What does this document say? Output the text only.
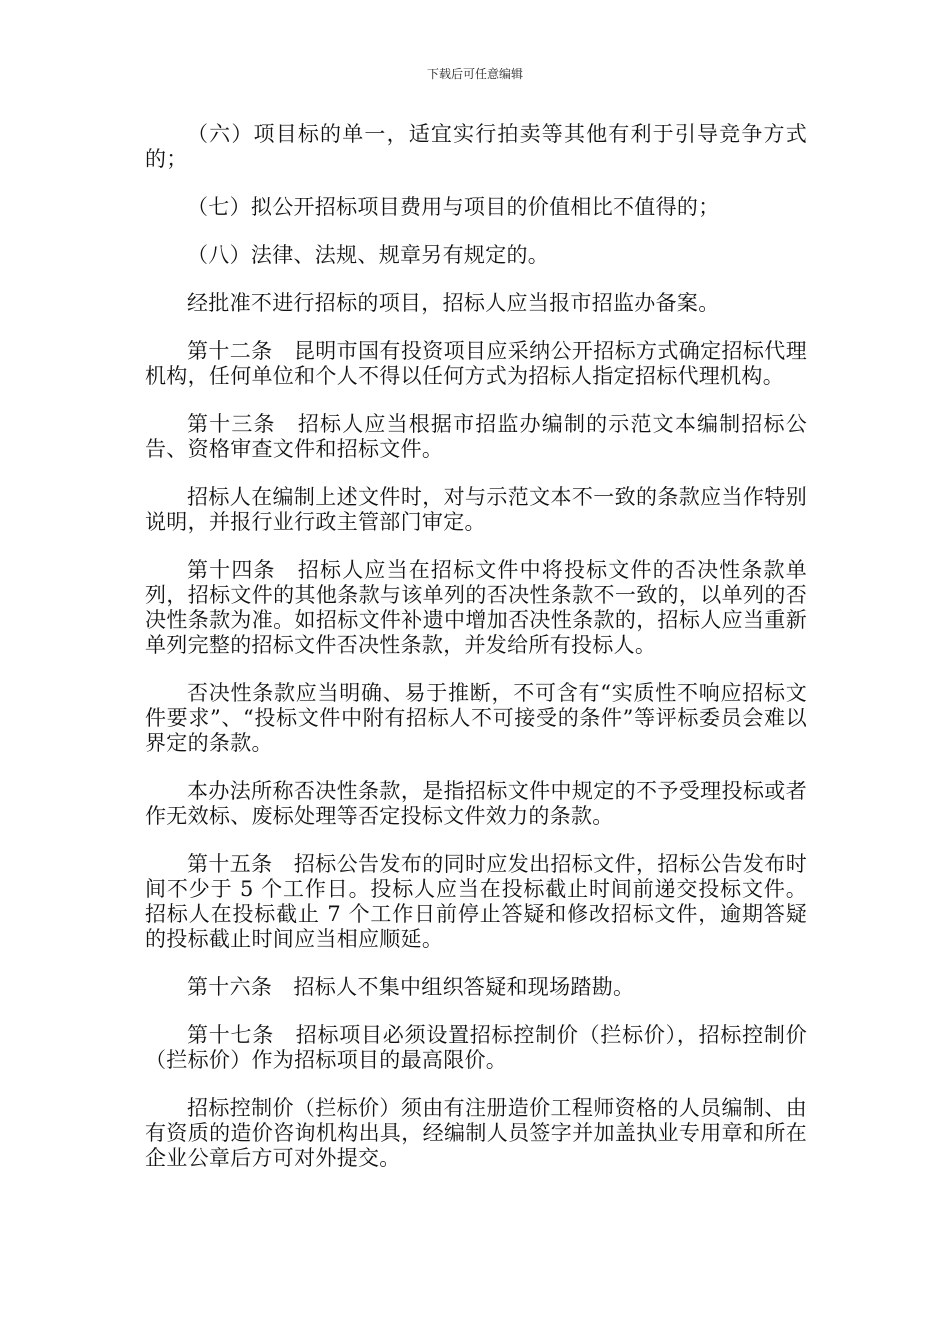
下载后可任意编辑

（六）项目标的单一，适宜实行拍卖等其他有利于引导竞争方式的；

（七）拟公开招标项目费用与项目的价值相比不值得的；

（八）法律、法规、规章另有规定的。

经批准不进行招标的项目，招标人应当报市招监办备案。

第十二条　昆明市国有投资项目应采纳公开招标方式确定招标代理机构，任何单位和个人不得以任何方式为招标人指定招标代理机构。

第十三条　招标人应当根据市招监办编制的示范文本编制招标公告、资格审查文件和招标文件。

招标人在编制上述文件时，对与示范文本不一致的条款应当作特别说明，并报行业行政主管部门审定。

第十四条　招标人应当在招标文件中将投标文件的否决性条款单列，招标文件的其他条款与该单列的否决性条款不一致的，以单列的否决性条款为准。如招标文件补遗中增加否决性条款的，招标人应当重新单列完整的招标文件否决性条款，并发给所有投标人。

否决性条款应当明确、易于推断，不可含有“实质性不响应招标文件要求”、“投标文件中附有招标人不可接受的条件”等评标委员会难以界定的条款。

本办法所称否决性条款，是指招标文件中规定的不予受理投标或者作无效标、废标处理等否定投标文件效力的条款。

第十五条　招标公告发布的同时应发出招标文件，招标公告发布时间不少于 5 个工作日。投标人应当在投标截止时间前递交投标文件。招标人在投标截止 7 个工作日前停止答疑和修改招标文件，逾期答疑的投标截止时间应当相应顺延。

第十六条　招标人不集中组织答疑和现场踏勘。

第十七条　招标项目必须设置招标控制价（拦标价），招标控制价（拦标价）作为招标项目的最高限价。

招标控制价（拦标价）须由有注册造价工程师资格的人员编制、由有资质的造价咨询机构出具，经编制人员签字并加盖执业专用章和所在企业公章后方可对外提交。
